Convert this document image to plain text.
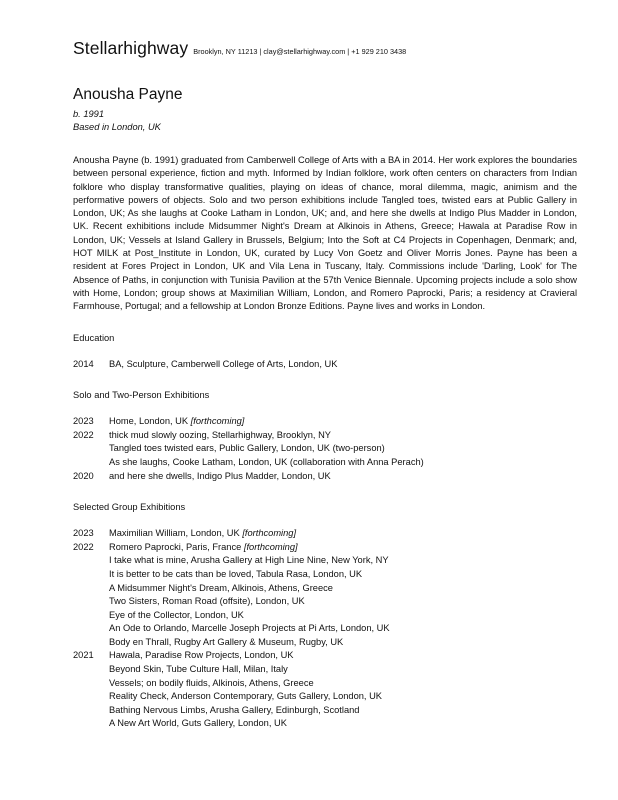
Stellarhighway Brooklyn, NY 11213 | clay@stellarhighway.com | +1 929 210 3438
Anousha Payne
b. 1991
Based in London, UK
Anousha Payne (b. 1991) graduated from Camberwell College of Arts with a BA in 2014. Her work explores the boundaries between personal experience, fiction and myth. Informed by Indian folklore, work often centers on characters from Indian folklore who display transformative qualities, playing on ideas of chance, moral dilemma, magic, animism and the performative powers of objects. Solo and two person exhibitions include Tangled toes, twisted ears at Public Gallery in London, UK; As she laughs at Cooke Latham in London, UK; and, and here she dwells at Indigo Plus Madder in London, UK. Recent exhibitions include Midsummer Night's Dream at Alkinois in Athens, Greece; Hawala at Paradise Row in London, UK; Vessels at Island Gallery in Brussels, Belgium; Into the Soft at C4 Projects in Copenhagen, Denmark; and, HOT MILK at Post_Institute in London, UK, curated by Lucy Von Goetz and Oliver Morris Jones. Payne has been a resident at Fores Project in London, UK and Vila Lena in Tuscany, Italy. Commissions include 'Darling, Look' for The Absence of Paths, in conjunction with Tunisia Pavilion at the 57th Venice Biennale. Upcoming projects include a solo show with Home, London; group shows at Maximilian William, London, and Romero Paprocki, Paris; a residency at Cravieral Farmhouse, Portugal; and a fellowship at London Bronze Editions. Payne lives and works in London.
Education
2014	BA, Sculpture, Camberwell College of Arts, London, UK
Solo and Two-Person Exhibitions
2023	Home, London, UK [forthcoming]
2022	thick mud slowly oozing, Stellarhighway, Brooklyn, NY
Tangled toes twisted ears, Public Gallery, London, UK (two-person)
As she laughs, Cooke Latham, London, UK (collaboration with Anna Perach)
2020	and here she dwells, Indigo Plus Madder, London, UK
Selected Group Exhibitions
2023	Maximilian William, London, UK [forthcoming]
2022	Romero Paprocki, Paris, France [forthcoming]
I take what is mine, Arusha Gallery at High Line Nine, New York, NY
It is better to be cats than be loved, Tabula Rasa, London, UK
A Midsummer Night's Dream, Alkinois, Athens, Greece
Two Sisters, Roman Road (offsite), London, UK
Eye of the Collector, London, UK
An Ode to Orlando, Marcelle Joseph Projects at Pi Arts, London, UK
Body en Thrall, Rugby Art Gallery & Museum, Rugby, UK
2021	Hawala, Paradise Row Projects, London, UK
Beyond Skin, Tube Culture Hall, Milan, Italy
Vessels; on bodily fluids, Alkinois, Athens, Greece
Reality Check, Anderson Contemporary, Guts Gallery, London, UK
Bathing Nervous Limbs, Arusha Gallery, Edinburgh, Scotland
A New Art World, Guts Gallery, London, UK
